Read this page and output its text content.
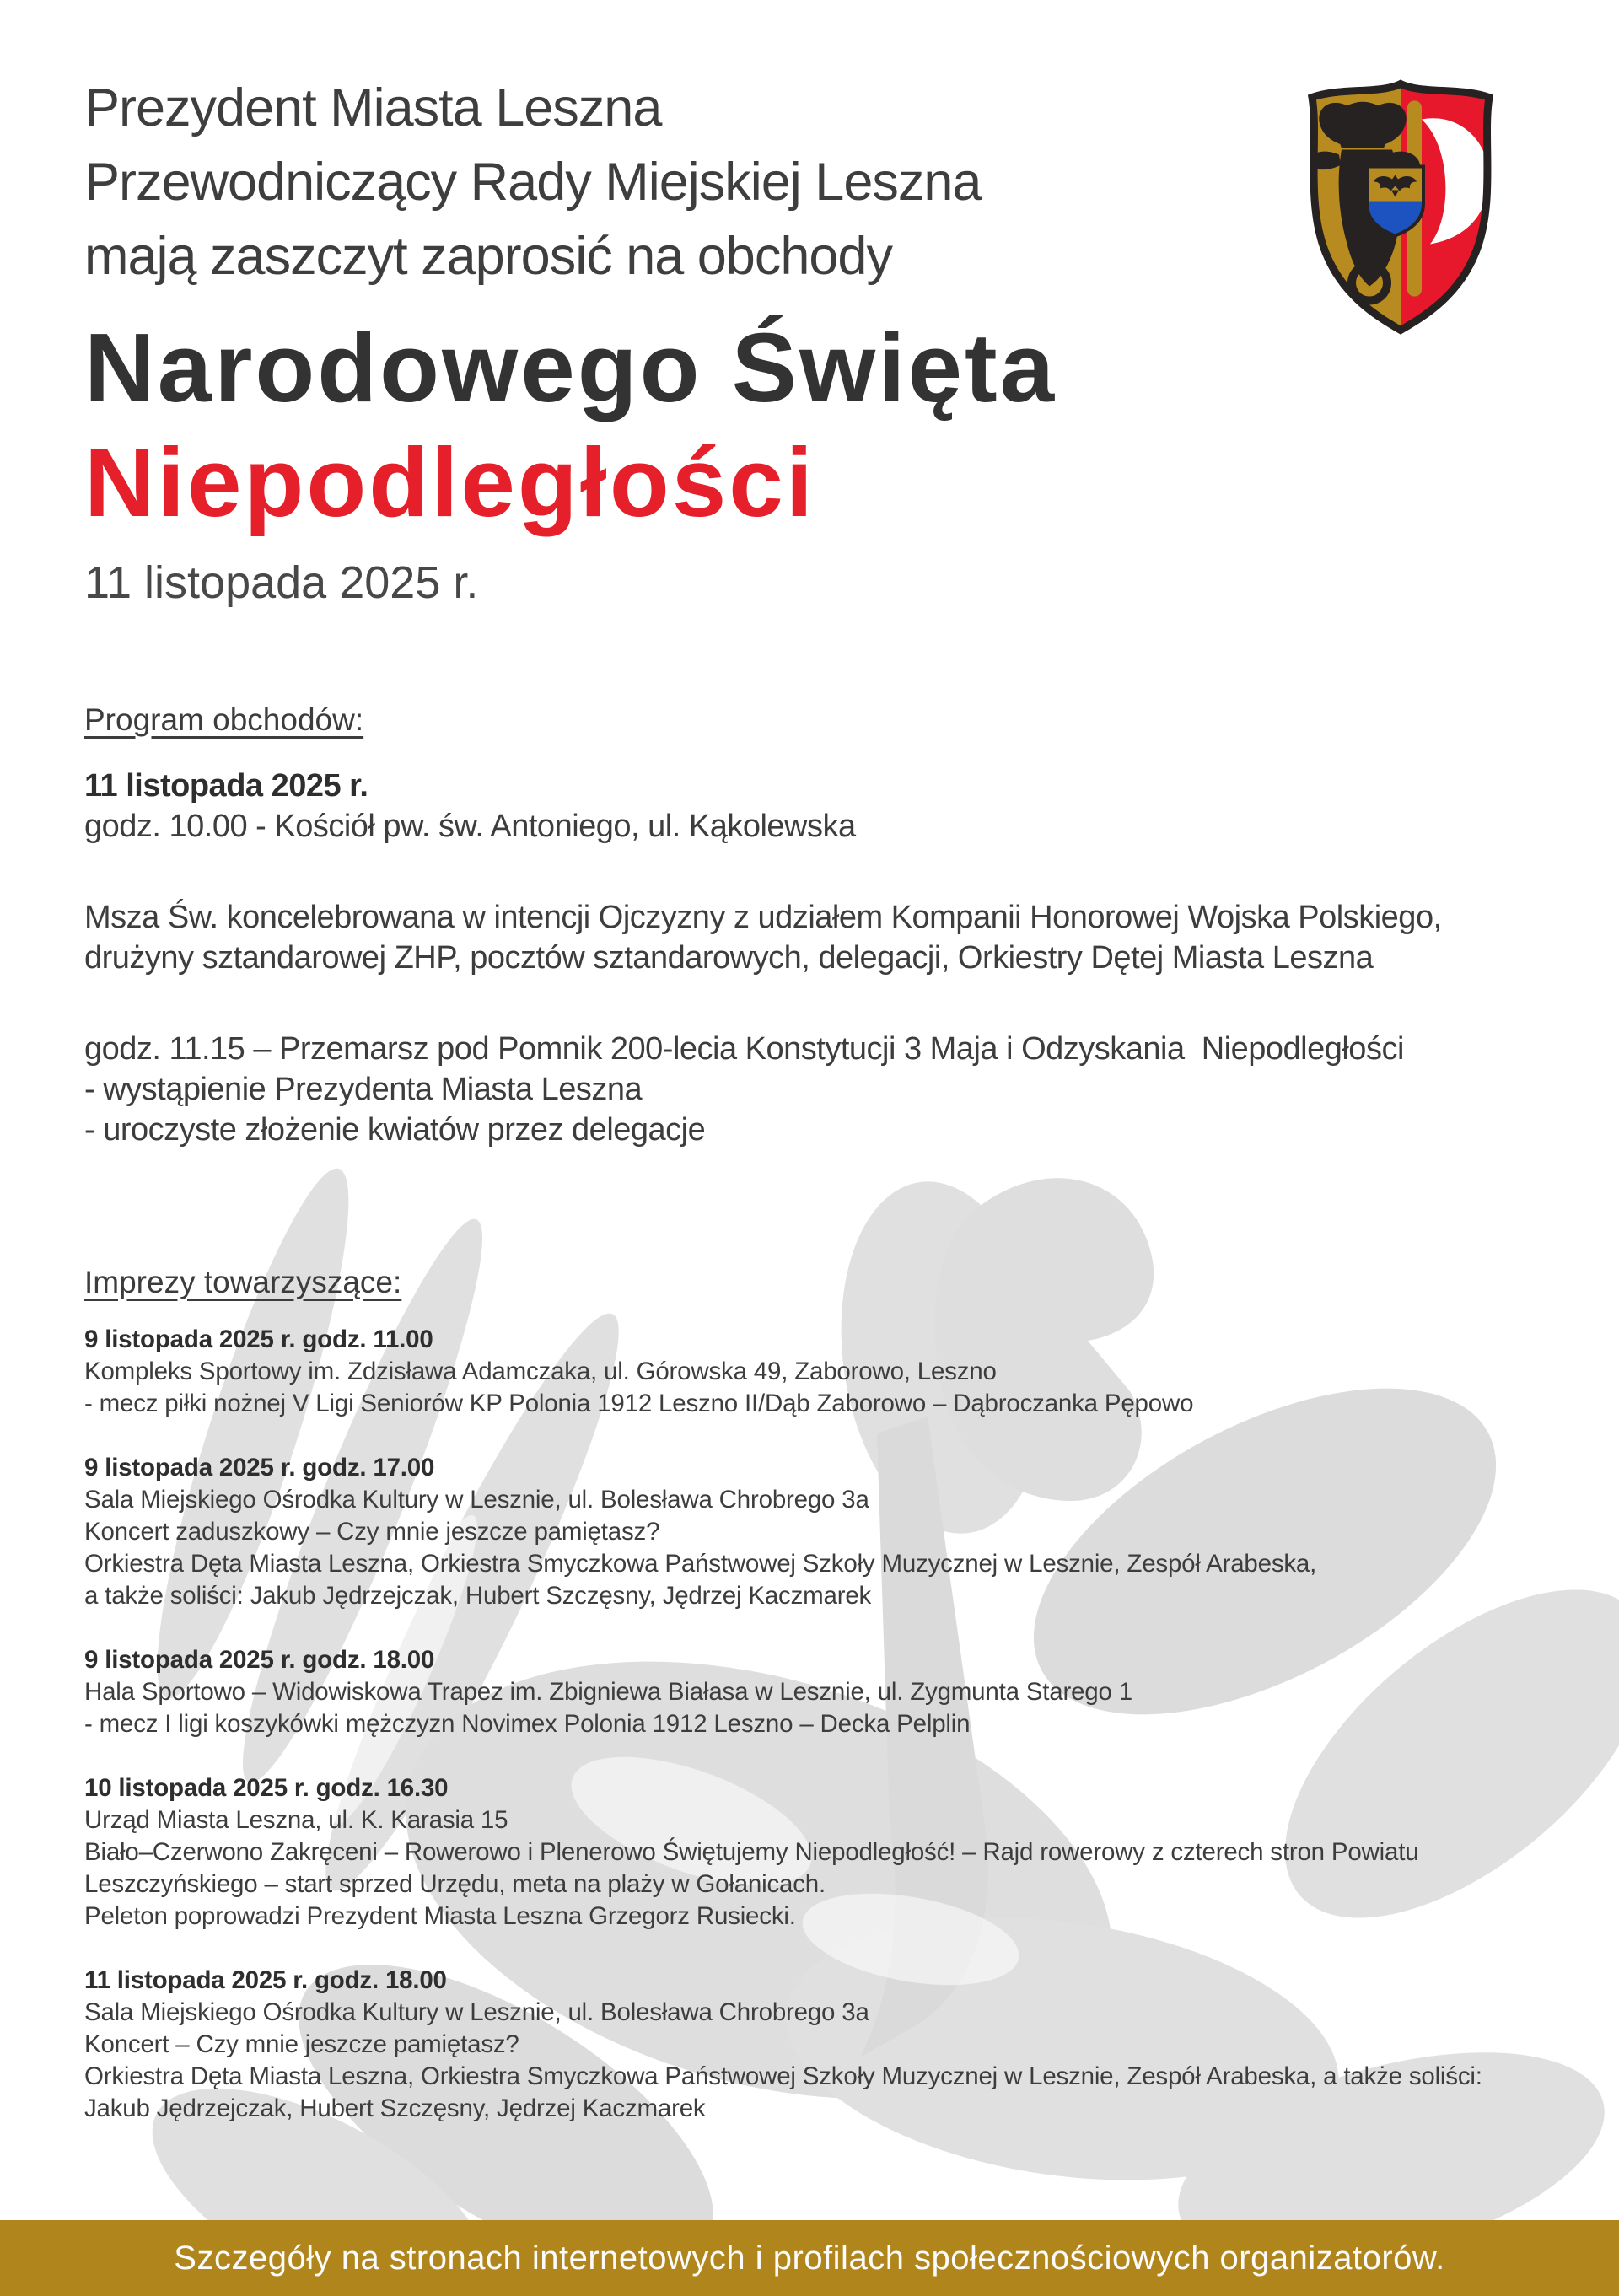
Prezydent Miasta Leszna
Przewodniczący Rady Miejskiej Leszna
mają zaszczyt zaprosić na obchody
Narodowego Święta
Niepodległości
11 listopada 2025 r.
Program obchodów:

11 listopada 2025 r.

godz. 10.00 - Kościół pw. św. Antoniego, ul. Kąkolewska

Msza Św. koncelebrowana w intencji Ojczyzny z udziałem Kompanii Honorowej Wojska Polskiego,

drużyny sztandarowej ZHP, pocztów sztandarowych, delegacji, Orkiestry Dętej Miasta Leszna

godz. 11.15 – Przemarsz pod Pomnik 200-lecia Konstytucji 3 Maja i Odzyskania  Niepodległości

- wystąpienie Prezydenta Miasta Leszna

- uroczyste złożenie kwiatów przez delegacje

Imprezy towarzyszące:
9 listopada 2025 r. godz. 11.00
Kompleks Sportowy im. Zdzisława Adamczaka, ul. Górowska 49, Zaborowo, Leszno
- mecz piłki nożnej V Ligi Seniorów KP Polonia 1912 Leszno II/Dąb Zaborowo – Dąbroczanka Pępowo
9 listopada 2025 r. godz. 17.00
Sala Miejskiego Ośrodka Kultury w Lesznie, ul. Bolesława Chrobrego 3a
Koncert zaduszkowy – Czy mnie jeszcze pamiętasz?
Orkiestra Dęta Miasta Leszna, Orkiestra Smyczkowa Państwowej Szkoły Muzycznej w Lesznie, Zespół Arabeska,
a także soliści: Jakub Jędrzejczak, Hubert Szczęsny, Jędrzej Kaczmarek
9 listopada 2025 r. godz. 18.00
Hala Sportowo – Widowiskowa Trapez im. Zbigniewa Białasa w Lesznie, ul. Zygmunta Starego 1
- mecz I ligi koszykówki mężczyzn Novimex Polonia 1912 Leszno – Decka Pelplin
10 listopada 2025 r. godz. 16.30
Urząd Miasta Leszna, ul. K. Karasia 15
Biało–Czerwono Zakręceni – Rowerowo i Plenerowo Świętujemy Niepodległość! – Rajd rowerowy z czterech stron Powiatu
Leszczyńskiego – start sprzed Urzędu, meta na plaży w Gołanicach.
Peleton poprowadzi Prezydent Miasta Leszna Grzegorz Rusiecki.
11 listopada 2025 r. godz. 18.00
Sala Miejskiego Ośrodka Kultury w Lesznie, ul. Bolesława Chrobrego 3a
Koncert – Czy mnie jeszcze pamiętasz?
Orkiestra Dęta Miasta Leszna, Orkiestra Smyczkowa Państwowej Szkoły Muzycznej w Lesznie, Zespół Arabeska, a także soliści:
Jakub Jędrzejczak, Hubert Szczęsny, Jędrzej Kaczmarek
Szczegóły na stronach internetowych i profilach społecznościowych organizatorów.
